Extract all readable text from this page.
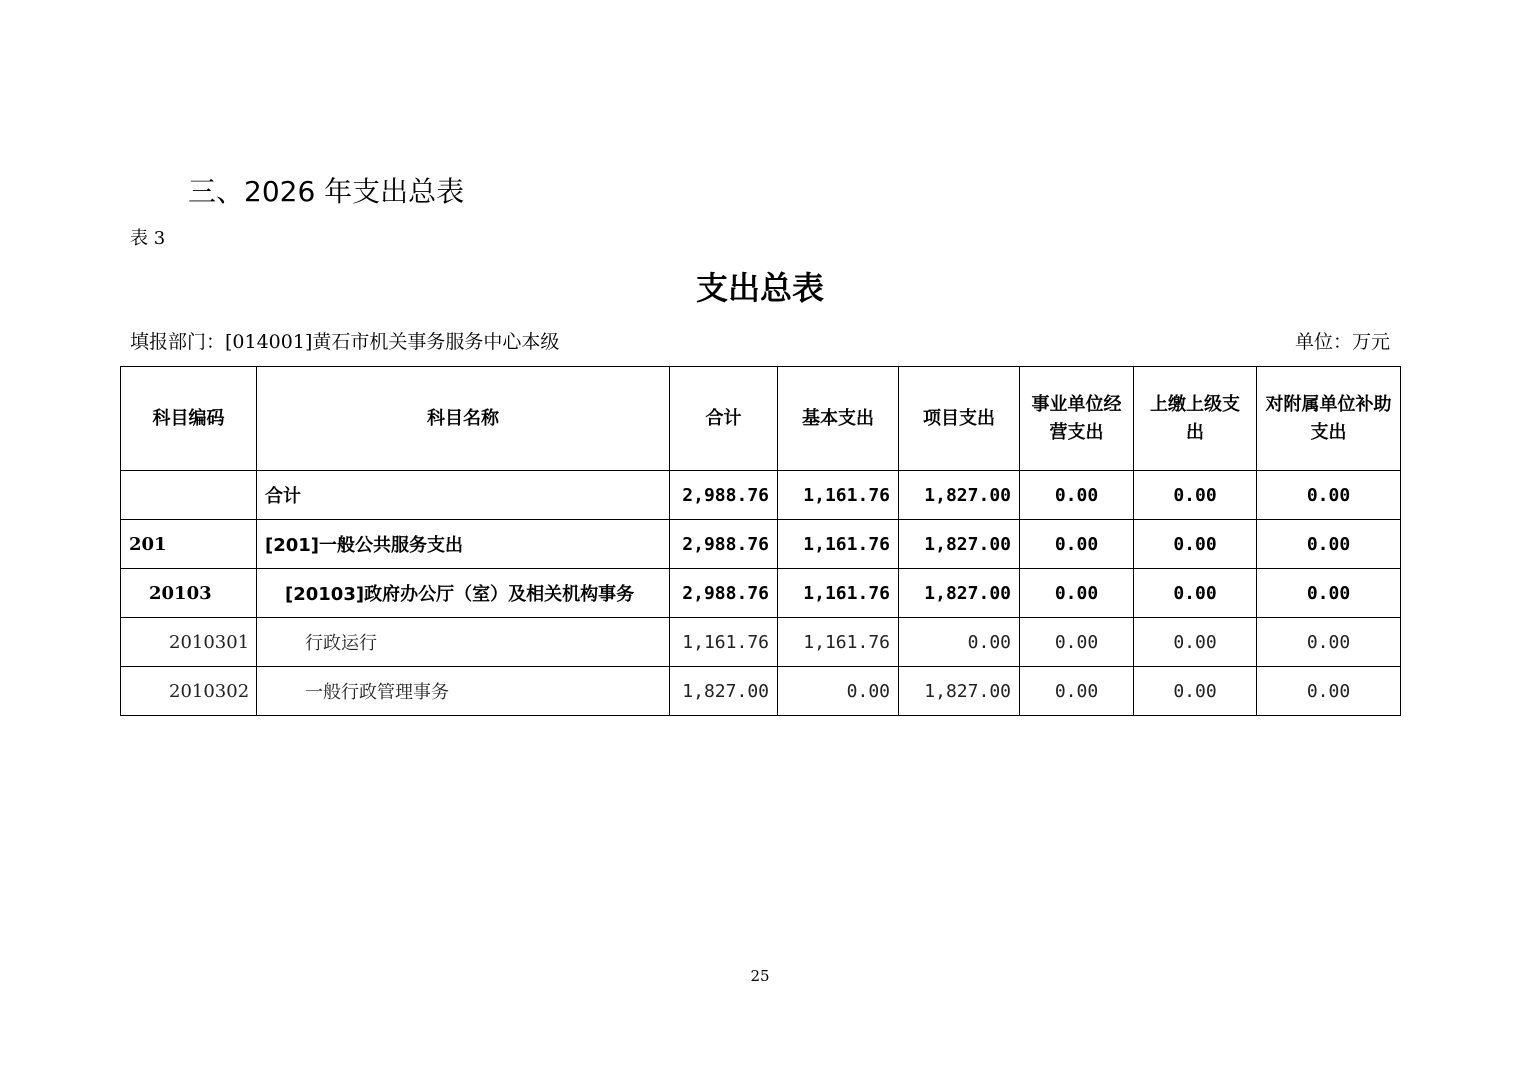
三、2026 年支出总表
表 3
支出总表
填报部门：[014001]黄石市机关事务服务中心本级	单位：万元
科目编码	科目名称	合计	基本支出	项目支出	事业单位经营支出	上缴上级支出	对附属单位补助支出
	合计	2,988.76	1,161.76	1,827.00	0.00	0.00	0.00
201	[201]一般公共服务支出	2,988.76	1,161.76	1,827.00	0.00	0.00	0.00
20103	[20103]政府办公厅（室）及相关机构事务	2,988.76	1,161.76	1,827.00	0.00	0.00	0.00
2010301	行政运行	1,161.76	1,161.76	0.00	0.00	0.00	0.00
2010302	一般行政管理事务	1,827.00	0.00	1,827.00	0.00	0.00	0.00
25
